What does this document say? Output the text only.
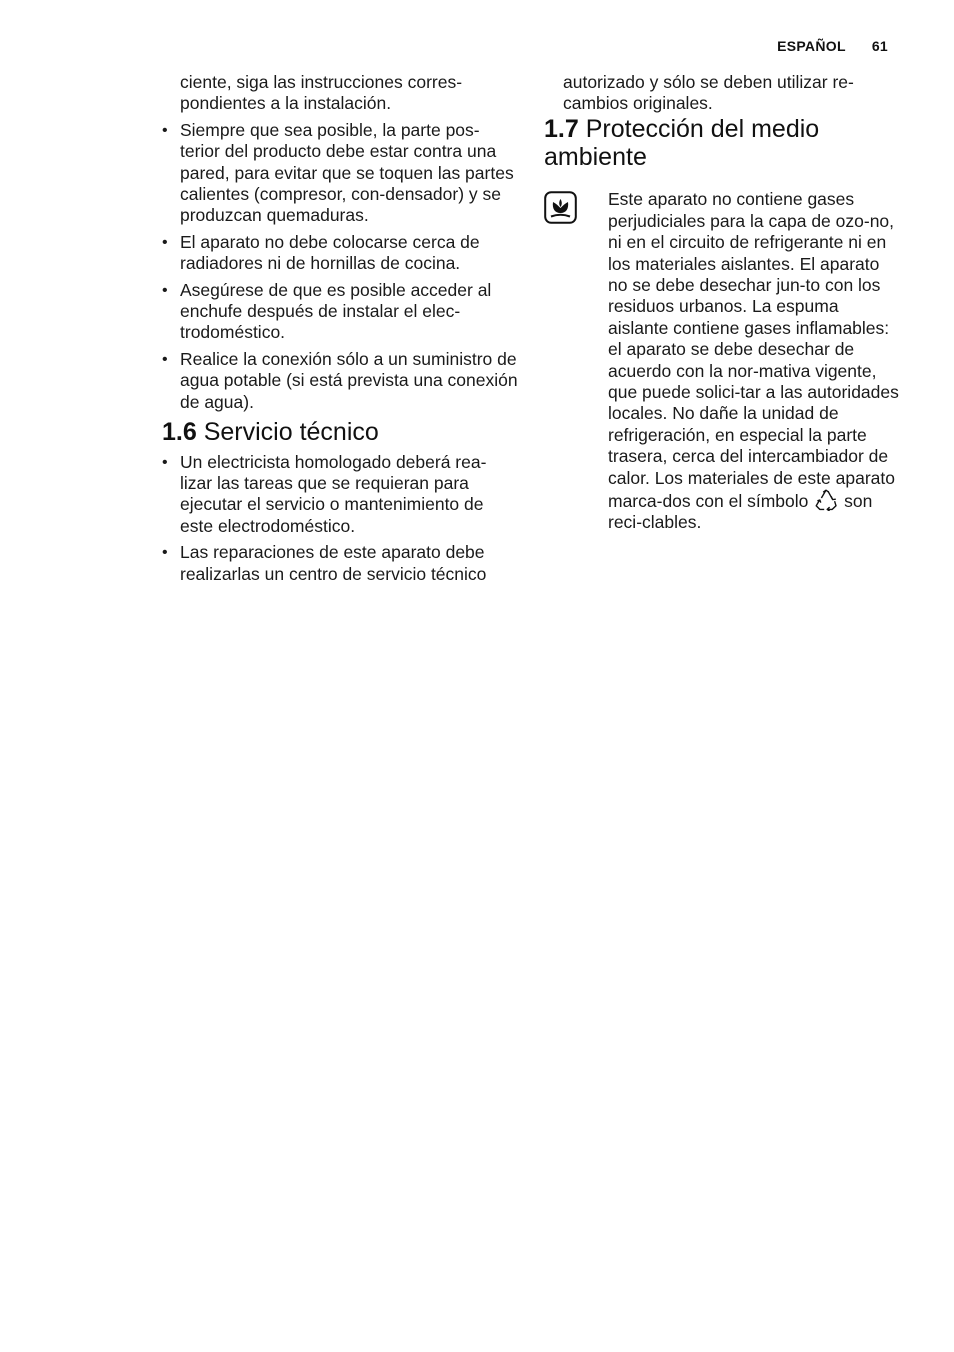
ESPAÑOL 61

ciente, siga las instrucciones corres-pondientes a la instalación.

• Siempre que sea posible, la parte pos-terior del producto debe estar contra una pared, para evitar que se toquen las partes calientes (compresor, con-densador) y se produzcan quemaduras.
• El aparato no debe colocarse cerca de radiadores ni de hornillas de cocina.
• Asegúrese de que es posible acceder al enchufe después de instalar el elec-trodoméstico.
• Realice la conexión sólo a un suministro de agua potable (si está prevista una conexión de agua).
1.6 Servicio técnico
• Un electricista homologado deberá rea-lizar las tareas que se requieran para ejecutar el servicio o mantenimiento de este electrodoméstico.
• Las reparaciones de este aparato debe realizarlas un centro de servicio técnico

autorizado y sólo se deben utilizar re-cambios originales.

1.7 Protección del medio ambiente

Este aparato no contiene gases perjudiciales para la capa de ozo-no, ni en el circuito de refrigerante ni en los materiales aislantes. El aparato no se debe desechar jun-to con los residuos urbanos. La espuma aislante contiene gases inflamables: el aparato se debe desechar de acuerdo con la nor-mativa vigente, que puede solici-tar a las autoridades locales. No dañe la unidad de refrigeración, en especial la parte trasera, cerca del intercambiador de calor. Los materiales de este aparato marca-dos con el símbolo son reci-clables.
